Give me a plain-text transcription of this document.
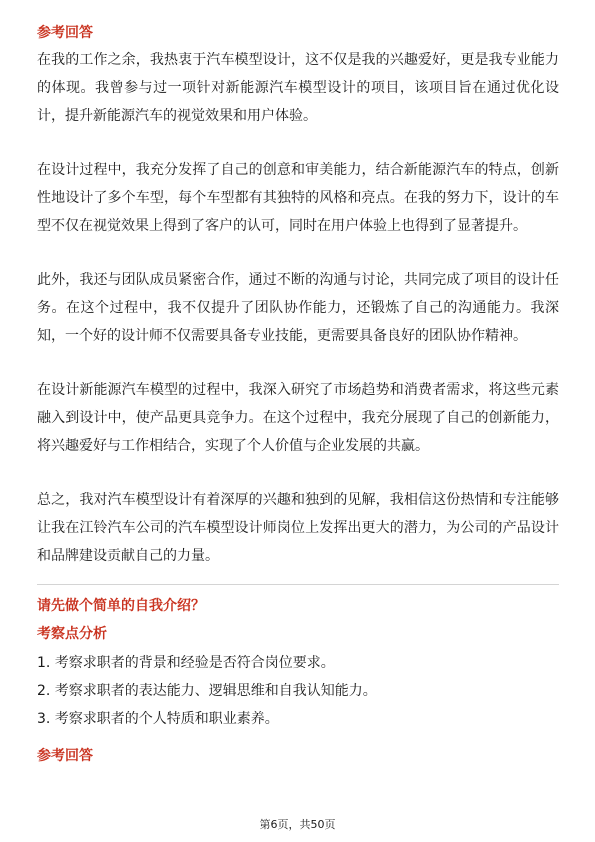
参考回答

在我的工作之余，我热衷于汽车模型设计，这不仅是我的兴趣爱好，更是我专业能力的体现。我曾参与过一项针对新能源汽车模型设计的项目，该项目旨在通过优化设计，提升新能源汽车的视觉效果和用户体验。

在设计过程中，我充分发挥了自己的创意和审美能力，结合新能源汽车的特点，创新性地设计了多个车型，每个车型都有其独特的风格和亮点。在我的努力下，设计的车型不仅在视觉效果上得到了客户的认可，同时在用户体验上也得到了显著提升。

此外，我还与团队成员紧密合作，通过不断的沟通与讨论，共同完成了项目的设计任务。在这个过程中，我不仅提升了团队协作能力，还锻炼了自己的沟通能力。我深知，一个好的设计师不仅需要具备专业技能，更需要具备良好的团队协作精神。

在设计新能源汽车模型的过程中，我深入研究了市场趋势和消费者需求，将这些元素融入到设计中，使产品更具竞争力。在这个过程中，我充分展现了自己的创新能力，将兴趣爱好与工作相结合，实现了个人价值与企业发展的共赢。

总之，我对汽车模型设计有着深厚的兴趣和独到的见解，我相信这份热情和专注能够让我在江铃汽车公司的汽车模型设计师岗位上发挥出更大的潜力，为公司的产品设计和品牌建设贡献自己的力量。

请先做个简单的自我介绍？

考察点分析

1. 考察求职者的背景和经验是否符合岗位要求。
2. 考察求职者的表达能力、逻辑思维和自我认知能力。
3. 考察求职者的个人特质和职业素养。

参考回答

第6页，共50页
